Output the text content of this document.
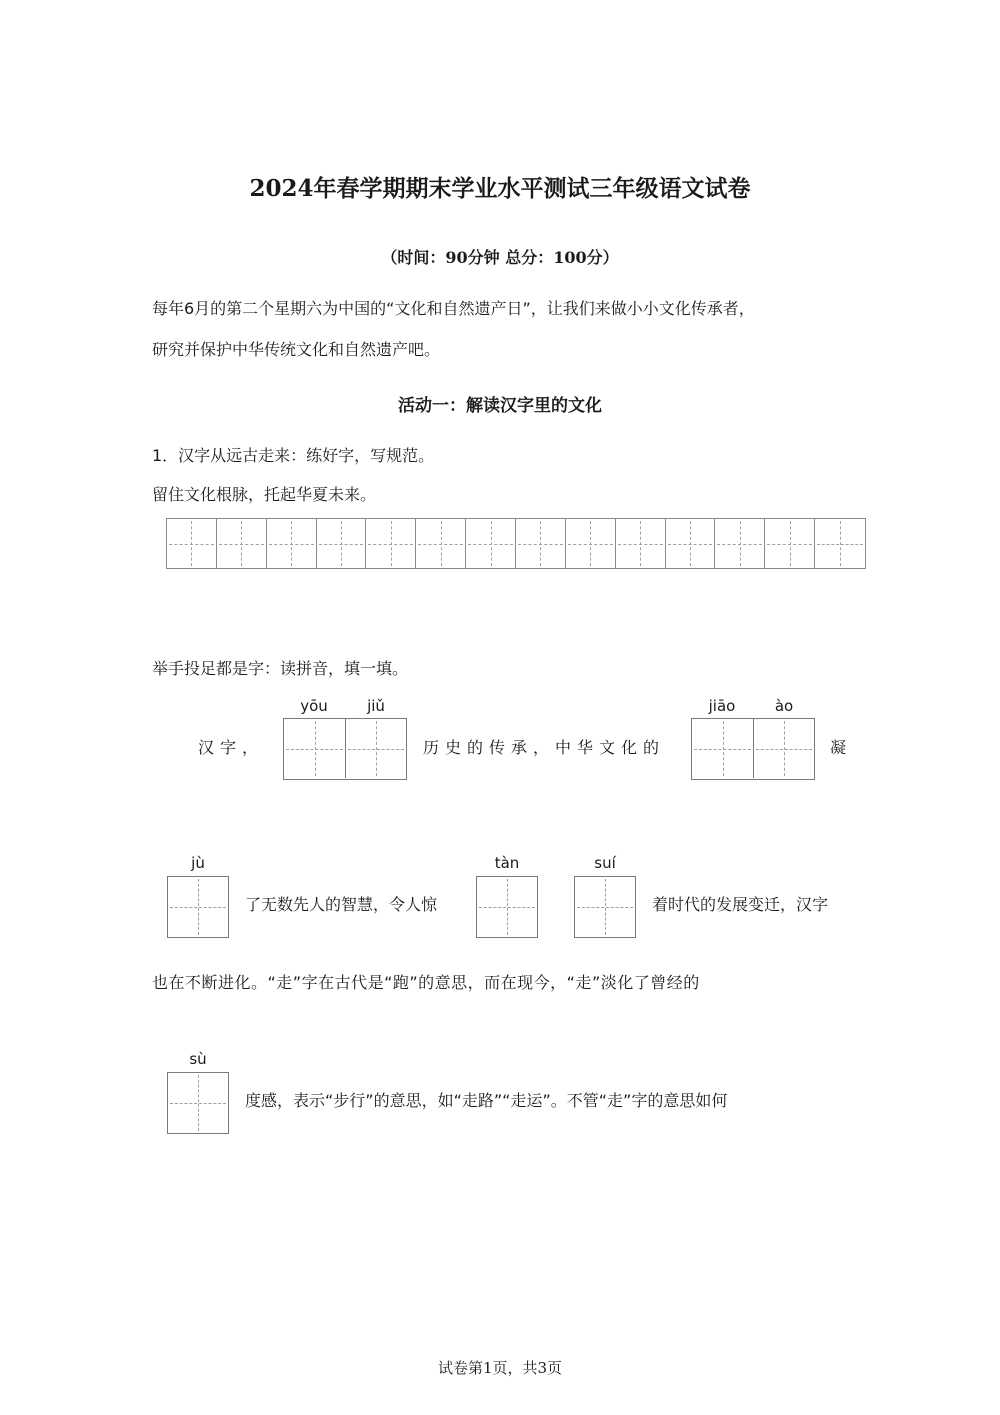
2024年春学期期末学业水平测试三年级语文试卷
（时间：90分钟 总分：100分）
每年6月的第二个星期六为中国的“文化和自然遗产日”，让我们来做小小文化传承者，
研究并保护中华传统文化和自然遗产吧。
活动一：解读汉字里的文化
1．汉字从远古走来：练好字，写规范。
留住文化根脉，托起华夏未来。
举手投足都是字：读拼音，填一填。
汉字，
yōu	jiǔ
历史的传承，中华文化的
jiāo	ào
凝
jù
了无数先人的智慧，令人惊
tàn	suí
着时代的发展变迁，汉字
也在不断进化。“走”字在古代是“跑”的意思，而在现今，“走”淡化了曾经的
sù
度感，表示“步行”的意思，如“走路”“走运”。不管“走”字的意思如何
试卷第1页，共3页
